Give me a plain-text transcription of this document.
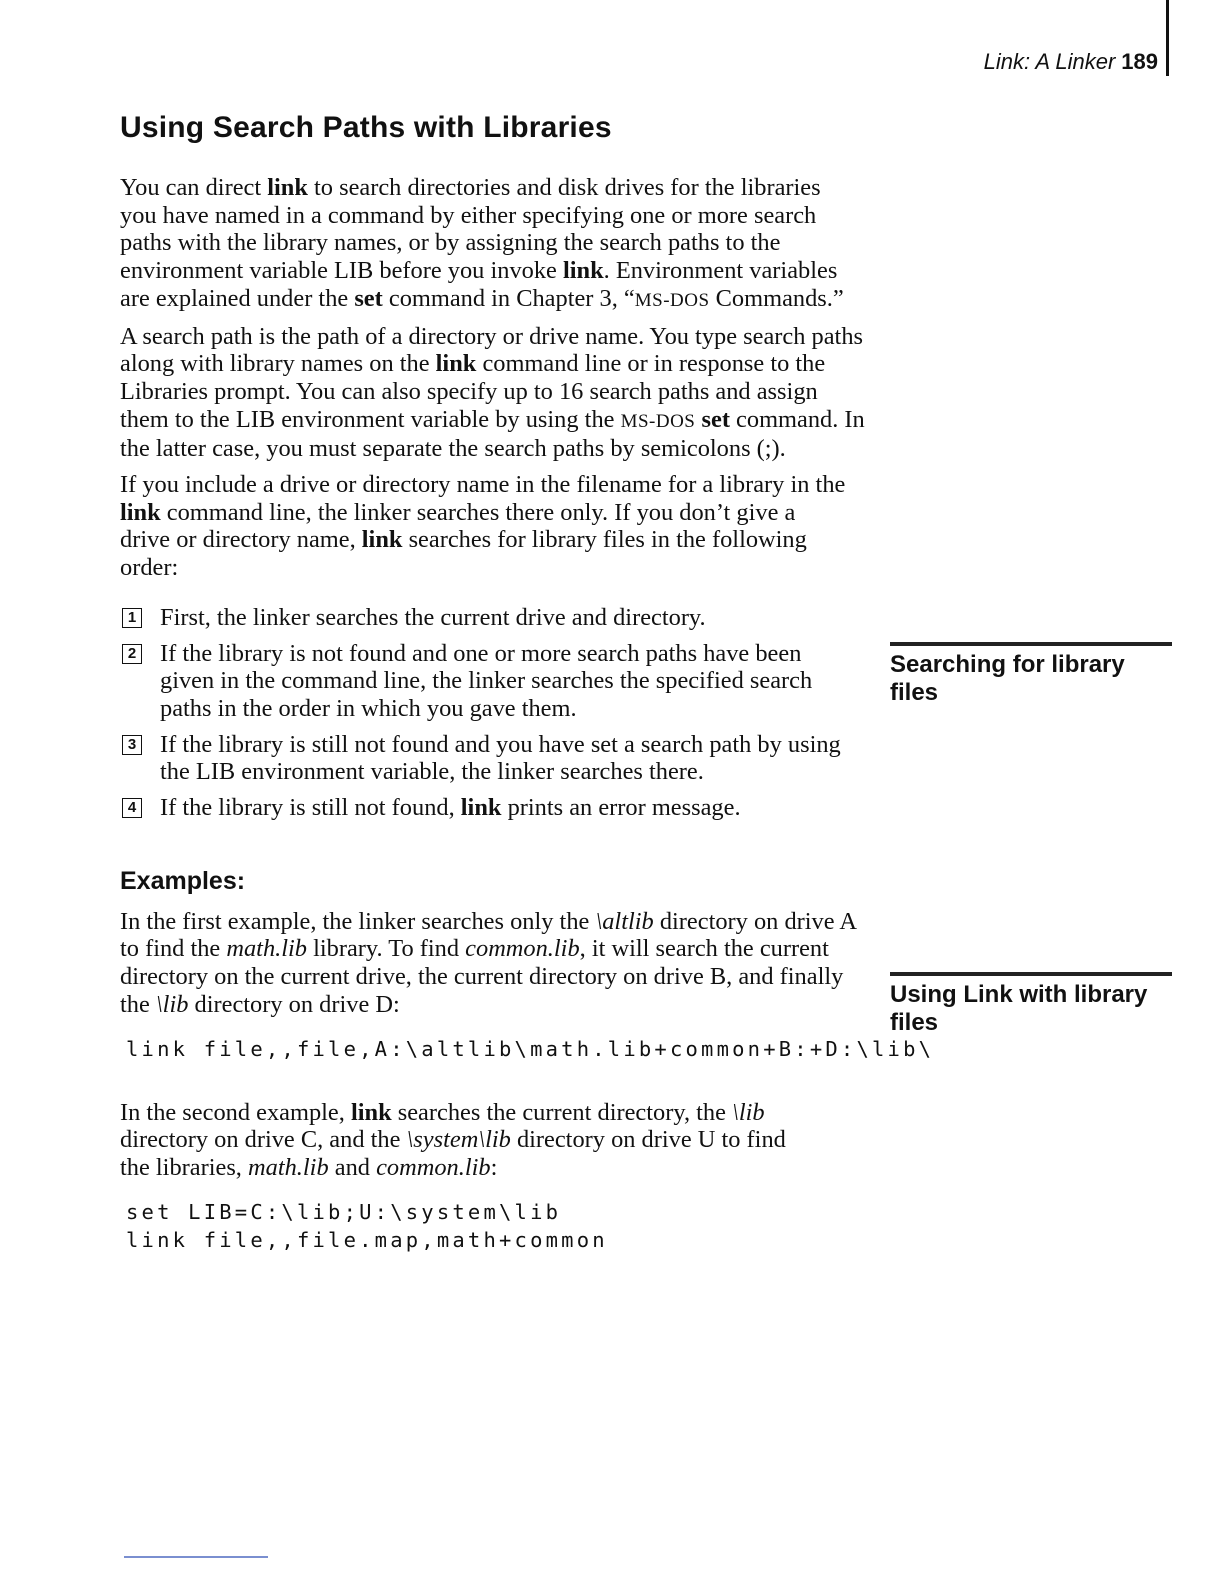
Link: A Linker 189
Using Search Paths with Libraries

You can direct link to search directories and disk drives for the libraries you have named in a command by either specifying one or more search paths with the library names, or by assigning the search paths to the environment variable LIB before you invoke link. Environment variables are explained under the set command in Chapter 3, “MS-DOS Commands.”

A search path is the path of a directory or drive name. You type search paths along with library names on the link command line or in response to the Libraries prompt. You can also specify up to 16 search paths and assign them to the LIB environment variable by using the MS-DOS set command. In the latter case, you must separate the search paths by semicolons (;).

If you include a drive or directory name in the filename for a library in the link command line, the linker searches there only. If you don’t give a drive or directory name, link searches for library files in the following order:

1 First, the linker searches the current drive and directory.
2 If the library is not found and one or more search paths have been given in the command line, the linker searches the specified search paths in the order in which you gave them.
3 If the library is still not found and you have set a search path by using the LIB environment variable, the linker searches there.
4 If the library is still not found, link prints an error message.
Examples:

In the first example, the linker searches only the \altlib directory on drive A to find the math.lib library. To find common.lib, it will search the current directory on the current drive, the current directory on drive B, and finally the \lib directory on drive D:

link file,,file,A:\altlib\math.lib+common+B:+D:\lib\

In the second example, link searches the current directory, the \lib directory on drive C, and the \system\lib directory on drive U to find the libraries, math.lib and common.lib:

set LIB=C:\lib;U:\system\lib
link file,,file.map,math+common
Searching for library files
Using Link with library files
